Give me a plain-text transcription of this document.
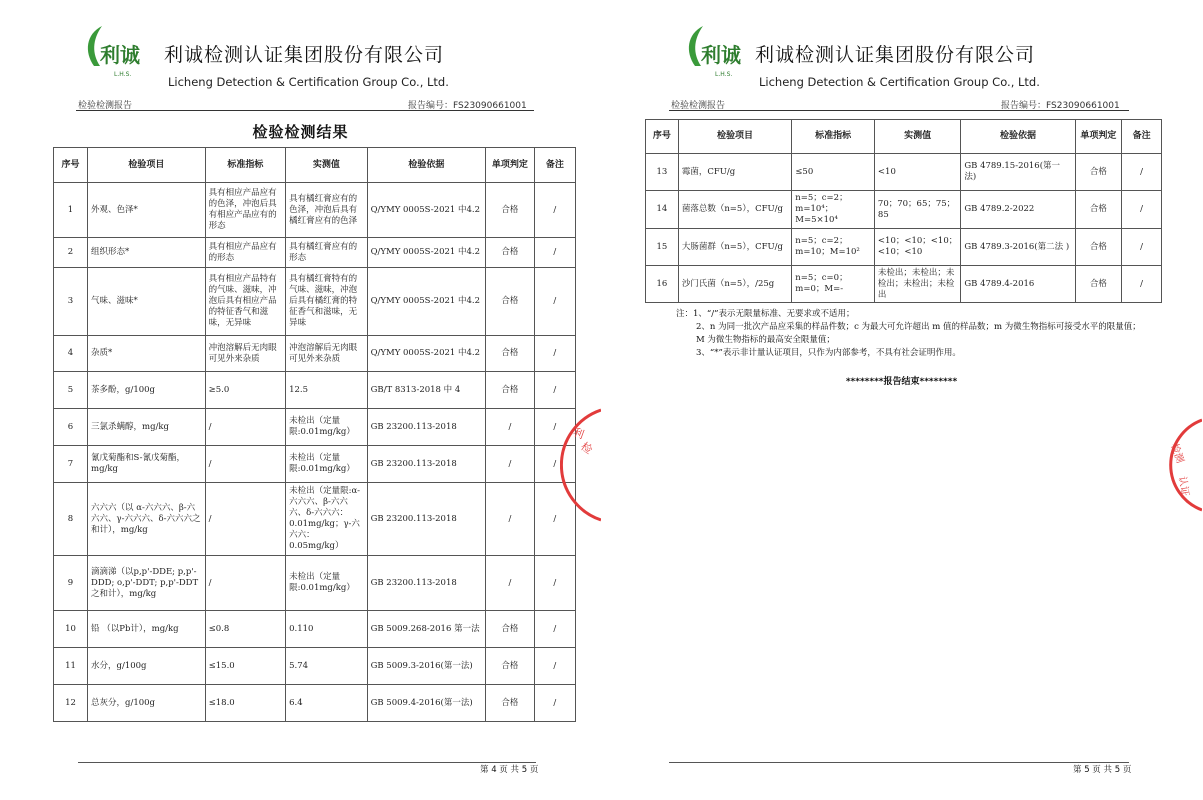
利诚
L.H.S.
利诚检测认证集团股份有限公司
Licheng Detection & Certification Group Co., Ltd.
检验检测报告	报告编号：FS23090661001
检验检测结果
序号	检验项目	标准指标	实测值	检验依据	单项判定	备注
1	外观、色泽*	具有相应产品应有的色泽，冲泡后具有相应产品应有的形态	具有橘红膏应有的色泽，冲泡后具有橘红膏应有的色泽	Q/YMY 0005S-2021 中4.2	合格	/
2	组织形态*	具有相应产品应有的形态	具有橘红膏应有的形态	Q/YMY 0005S-2021 中4.2	合格	/
3	气味、滋味*	具有相应产品特有的气味、滋味，冲泡后具有相应产品的特征香气和滋味，无异味	具有橘红膏特有的气味、滋味，冲泡后具有橘红膏的特征香气和滋味，无异味	Q/YMY 0005S-2021 中4.2	合格	/
4	杂质*	冲泡溶解后无肉眼可见外来杂质	冲泡溶解后无肉眼可见外来杂质	Q/YMY 0005S-2021 中4.2	合格	/
5	茶多酚，g/100g	≥5.0	12.5	GB/T 8313-2018 中 4	合格	/
6	三氯杀螨醇，mg/kg	/	未检出（定量限:0.01mg/kg）	GB 23200.113-2018	/	/
7	氰戊菊酯和S-氰戊菊酯，mg/kg	/	未检出（定量限:0.01mg/kg）	GB 23200.113-2018	/	/
8	六六六（以 α-六六六、β-六六六、γ-六六六、δ-六六六之和计），mg/kg	/	未检出（定量限:α-六六六、β-六六六、δ-六六六：0.01mg/kg；γ-六六六：0.05mg/kg）	GB 23200.113-2018	/	/
9	滴滴涕（以p,p'-DDE; p,p'-DDD; o,p'-DDT; p,p'-DDT之和计），mg/kg	/	未检出（定量限:0.01mg/kg）	GB 23200.113-2018	/	/
10	铅 （以Pb计），mg/kg	≤0.8	0.110	GB 5009.268-2016 第一法	合格	/
11	水分，g/100g	≤15.0	5.74	GB 5009.3-2016(第一法)	合格	/
12	总灰分，g/100g	≤18.0	6.4	GB 5009.4-2016(第一法)	合格	/
利
检
第 4 页 共 5 页
利诚
L.H.S.
利诚检测认证集团股份有限公司
Licheng Detection & Certification Group Co., Ltd.
检验检测报告	报告编号：FS23090661001
序号	检验项目	标准指标	实测值	检验依据	单项判定	备注
13	霉菌，CFU/g	≤50	<10	GB 4789.15-2016(第一法)	合格	/
14	菌落总数（n=5），CFU/g	n=5；c=2；m=10⁴；M=5×10⁴	70；70；65；75；85	GB 4789.2-2022	合格	/
15	大肠菌群（n=5），CFU/g	n=5；c=2；m=10；M=10²	<10；<10；<10；<10；<10	GB 4789.3-2016(第二法 )	合格	/
16	沙门氏菌（n=5），/25g	n=5；c=0；m=0；M=-	未检出；未检出；未检出；未检出；未检出	GB 4789.4-2016	合格	/
注：1、“/”表示无限量标准、无要求或不适用；
2、n 为同一批次产品应采集的样品件数；c 为最大可允许超出 m 值的样品数；m 为微生物指标可接受水平的限量值；M 为微生物指标的最高安全限量值；
3、“*”表示非计量认证项目，只作为内部参考，不具有社会证明作用。
********报告结束********
检测
认证
第 5 页 共 5 页
